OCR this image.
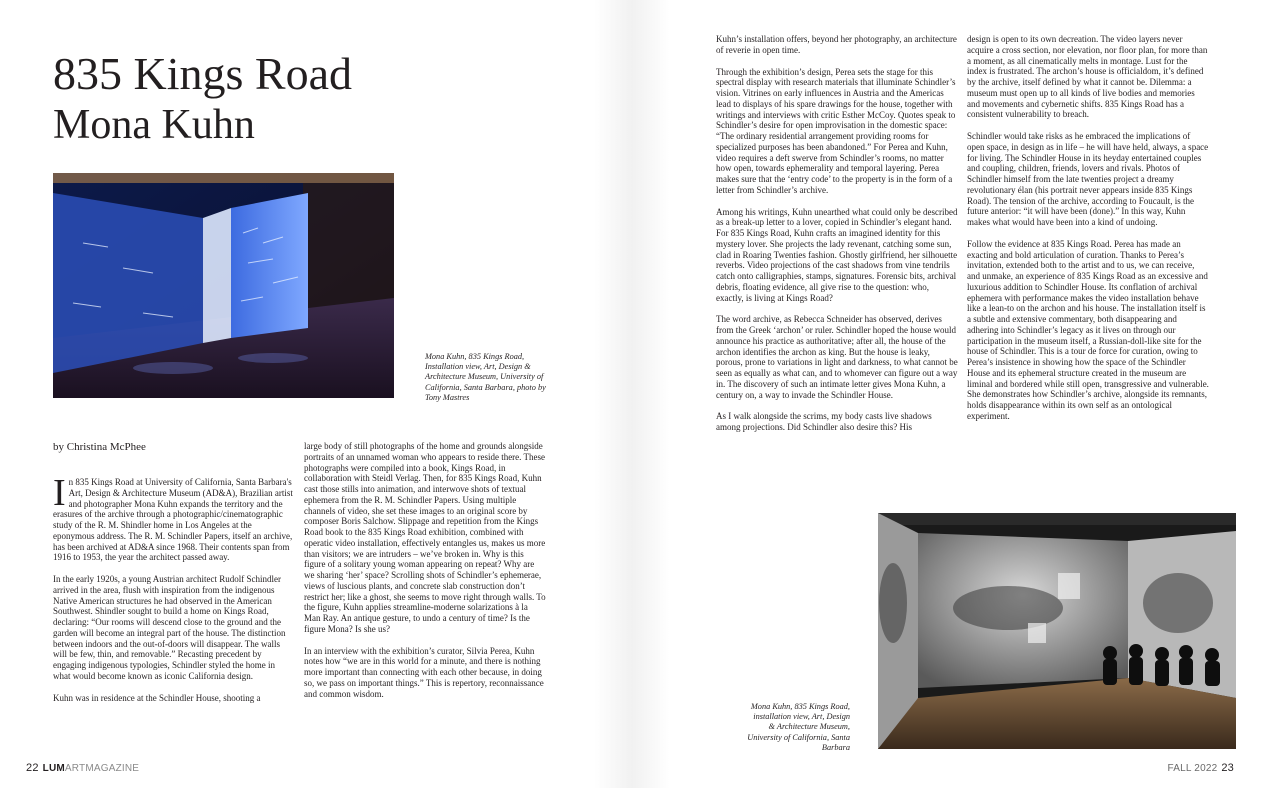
835 Kings Road
Mona Kuhn

Mona Kuhn, 835 Kings Road, Installation view, Art, Design & Architecture Museum, University of California, Santa Barbara, photo by Tony Mastres

by Christina McPhee

In 835 Kings Road at University of California, Santa Barbara's Art, Design & Architecture Museum (AD&A), Brazilian artist and photographer Mona Kuhn expands the territory and the erasures of the archive through a photographic/cinematographic study of the R. M. Shindler home in Los Angeles at the eponymous address. The R. M. Schindler Papers, itself an archive, has been archived at AD&A since 1968. Their contents span from 1916 to 1953, the year the architect passed away.

In the early 1920s, a young Austrian architect Rudolf Schindler arrived in the area, flush with inspiration from the indigenous Native American structures he had observed in the American Southwest. Shindler sought to build a home on Kings Road, declaring: “Our rooms will descend close to the ground and the garden will become an integral part of the house. The distinction between indoors and the out-of-doors will disappear. The walls will be few, thin, and removable.” Recasting precedent by engaging indigenous typologies, Schindler styled the home in what would become known as iconic California design.

Kuhn was in residence at the Schindler House, shooting a

large body of still photographs of the home and grounds alongside portraits of an unnamed woman who appears to reside there. These photographs were compiled into a book, Kings Road, in collaboration with Steidl Verlag. Then, for 835 Kings Road, Kuhn cast those stills into animation, and interwove shots of textual ephemera from the R. M. Schindler Papers. Using multiple channels of video, she set these images to an original score by composer Boris Salchow. Slippage and repetition from the Kings Road book to the 835 Kings Road exhibition, combined with operatic video installation, effectively entangles us, makes us more than visitors; we are intruders – we’ve broken in. Why is this figure of a solitary young woman appearing on repeat? Why are we sharing ‘her’ space? Scrolling shots of Schindler’s ephemerae, views of luscious plants, and concrete slab construction don’t restrict her; like a ghost, she seems to move right through walls. To the figure, Kuhn applies streamline-moderne solarizations à la Man Ray. An antique gesture, to undo a century of time? Is the figure Mona? Is she us?

In an interview with the exhibition’s curator, Silvia Perea, Kuhn notes how “we are in this world for a minute, and there is nothing more important than connecting with each other because, in doing so, we pass on important things.” This is repertory, reconnaissance and common wisdom.

Kuhn’s installation offers, beyond her photography, an architecture of reverie in open time.

Through the exhibition’s design, Perea sets the stage for this spectral display with research materials that illuminate Schindler’s vision. Vitrines on early influences in Austria and the Americas lead to displays of his spare drawings for the house, together with writings and interviews with critic Esther McCoy. Quotes speak to Schindler’s desire for open improvisation in the domestic space: “The ordinary residential arrangement providing rooms for specialized purposes has been abandoned.” For Perea and Kuhn, video requires a deft swerve from Schindler’s rooms, no matter how open, towards ephemerality and temporal layering. Perea makes sure that the ‘entry code’ to the property is in the form of a letter from Schindler’s archive.

Among his writings, Kuhn unearthed what could only be described as a break-up letter to a lover, copied in Schindler’s elegant hand. For 835 Kings Road, Kuhn crafts an imagined identity for this mystery lover. She projects the lady revenant, catching some sun, clad in Roaring Twenties fashion. Ghostly girlfriend, her silhouette reverbs. Video projections of the cast shadows from vine tendrils catch onto calligraphies, stamps, signatures. Forensic bits, archival debris, floating evidence, all give rise to the question: who, exactly, is living at Kings Road?

The word archive, as Rebecca Schneider has observed, derives from the Greek ‘archon’ or ruler. Schindler hoped the house would announce his practice as authoritative; after all, the house of the archon identifies the archon as king. But the house is leaky, porous, prone to variations in light and darkness, to what cannot be seen as equally as what can, and to whomever can figure out a way in. The discovery of such an intimate letter gives Mona Kuhn, a century on, a way to invade the Schindler House.

As I walk alongside the scrims, my body casts live shadows among projections. Did Schindler also desire this? His

design is open to its own decreation. The video layers never acquire a cross section, nor elevation, nor floor plan, for more than a moment, as all cinematically melts in montage. Lust for the index is frustrated. The archon’s house is officialdom, it’s defined by the archive, itself defined by what it cannot be. Dilemma: a museum must open up to all kinds of live bodies and memories and movements and cybernetic shifts. 835 Kings Road has a consistent vulnerability to breach.

Schindler would take risks as he embraced the implications of open space, in design as in life – he will have held, always, a space for living. The Schindler House in its heyday entertained couples and coupling, children, friends, lovers and rivals. Photos of Schindler himself from the late twenties project a dreamy revolutionary élan (his portrait never appears inside 835 Kings Road). The tension of the archive, according to Foucault, is the future anterior: “it will have been (done).” In this way, Kuhn makes what would have been into a kind of undoing.

Follow the evidence at 835 Kings Road. Perea has made an exacting and bold articulation of curation. Thanks to Perea’s invitation, extended both to the artist and to us, we can receive, and unmake, an experience of 835 Kings Road as an excessive and luxurious addition to Schindler House. Its conflation of archival ephemera with performance makes the video installation behave like a lean-to on the archon and his house. The installation itself is a subtle and extensive commentary, both disappearing and adhering into Schindler’s legacy as it lives on through our participation in the museum itself, a Russian-doll-like site for the house of Schindler. This is a tour de force for curation, owing to Perea’s insistence in showing how the space of the Schindler House and its ephemeral structure created in the museum are liminal and bordered while still open, transgressive and vulnerable. She demonstrates how Schindler’s archive, alongside its remnants, holds disappearance within its own self as an ontological experiment.

Mona Kuhn, 835 Kings Road, installation view, Art, Design & Architecture Museum, University of California, Santa Barbara

22 LUMARTMAGAZINE	FALL 2022 23
